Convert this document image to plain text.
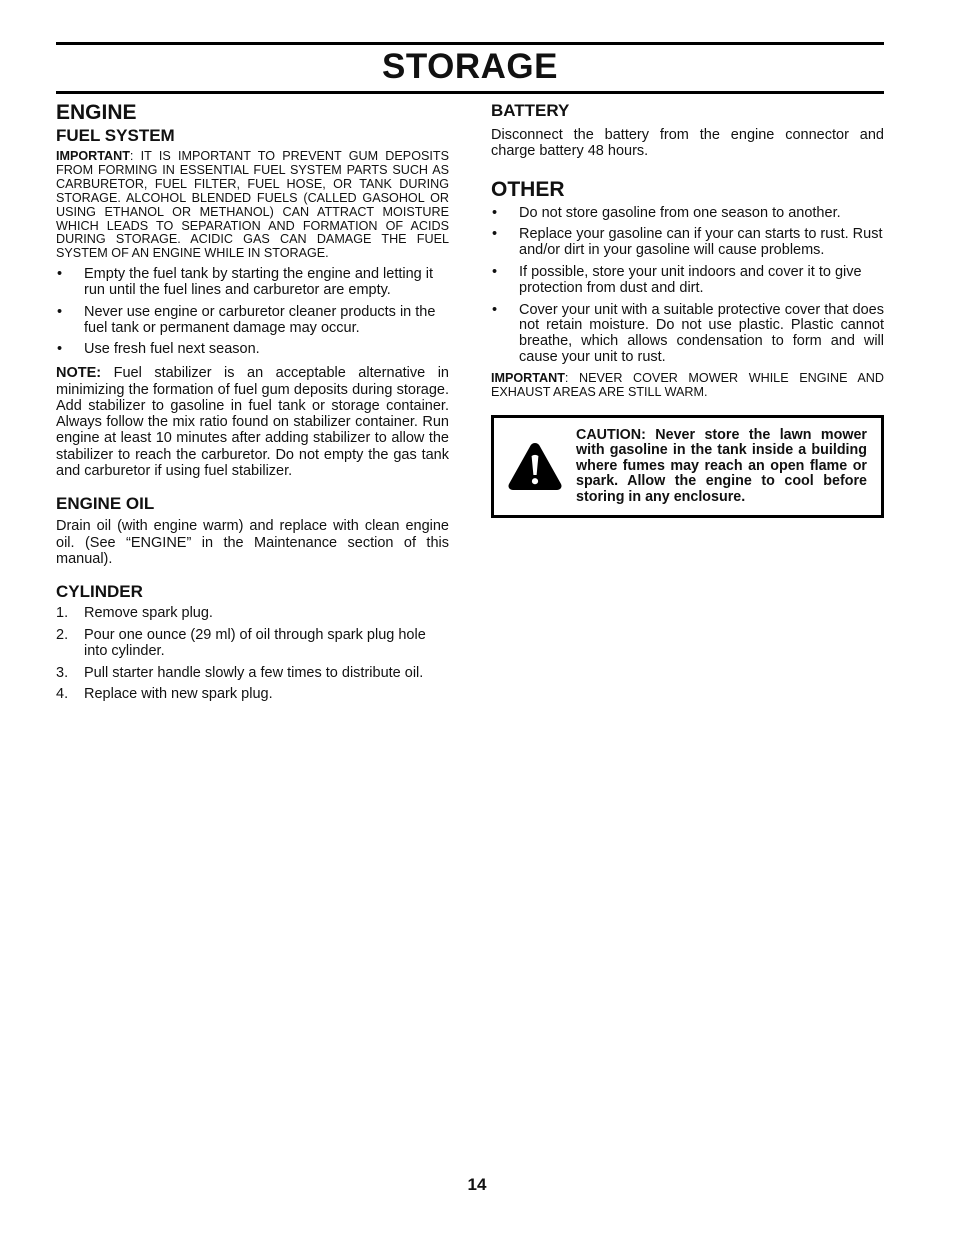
STORAGE
ENGINE
FUEL SYSTEM

IMPORTANT: IT IS IMPORTANT TO PREVENT GUM DEPOSITS FROM FORMING IN ESSENTIAL FUEL SYSTEM PARTS SUCH AS CARBURETOR, FUEL FILTER, FUEL HOSE, OR TANK DURING STORAGE. ALCOHOL BLENDED FUELS (CALLED GASOHOL OR USING ETHANOL OR METHANOL) CAN ATTRACT MOISTURE WHICH LEADS TO SEPARATION AND FORMATION OF ACIDS DURING STORAGE. ACIDIC GAS CAN DAMAGE THE FUEL SYSTEM OF AN ENGINE WHILE IN STORAGE.

• Empty the fuel tank by starting the engine and letting it run until the fuel lines and carburetor are empty.
• Never use engine or carburetor cleaner products in the fuel tank or permanent damage may occur.
• Use fresh fuel next season.

NOTE: Fuel stabilizer is an acceptable alternative in minimizing the formation of fuel gum deposits during storage. Add stabilizer to gasoline in fuel tank or storage container. Always follow the mix ratio found on stabilizer container. Run engine at least 10 minutes after adding stabilizer to allow the stabilizer to reach the carburetor. Do not empty the gas tank and carburetor if using fuel stabilizer.

ENGINE OIL

Drain oil (with engine warm) and replace with clean engine oil. (See “ENGINE” in the Maintenance section of this manual).

CYLINDER
1. Remove spark plug.
2. Pour one ounce (29 ml) of oil through spark plug hole into cylinder.
3. Pull starter handle slowly a few times to distribute oil.
4. Replace with new spark plug.
BATTERY

Disconnect the battery from the engine connector and charge battery 48 hours.

OTHER
• Do not store gasoline from one season to another.
• Replace your gasoline can if your can starts to rust. Rust and/or dirt in your gasoline will cause problems.
• If possible, store your unit indoors and cover it to give protection from dust and dirt.
• Cover your unit with a suitable protective cover that does not retain moisture. Do not use plastic. Plastic cannot breathe, which allows condensation to form and will cause your unit to rust.

IMPORTANT: NEVER COVER MOWER WHILE ENGINE AND EXHAUST AREAS ARE STILL WARM.

CAUTION: Never store the lawn mower with gasoline in the tank inside a building where fumes may reach an open flame or spark. Allow the engine to cool before storing in any enclosure.
14
